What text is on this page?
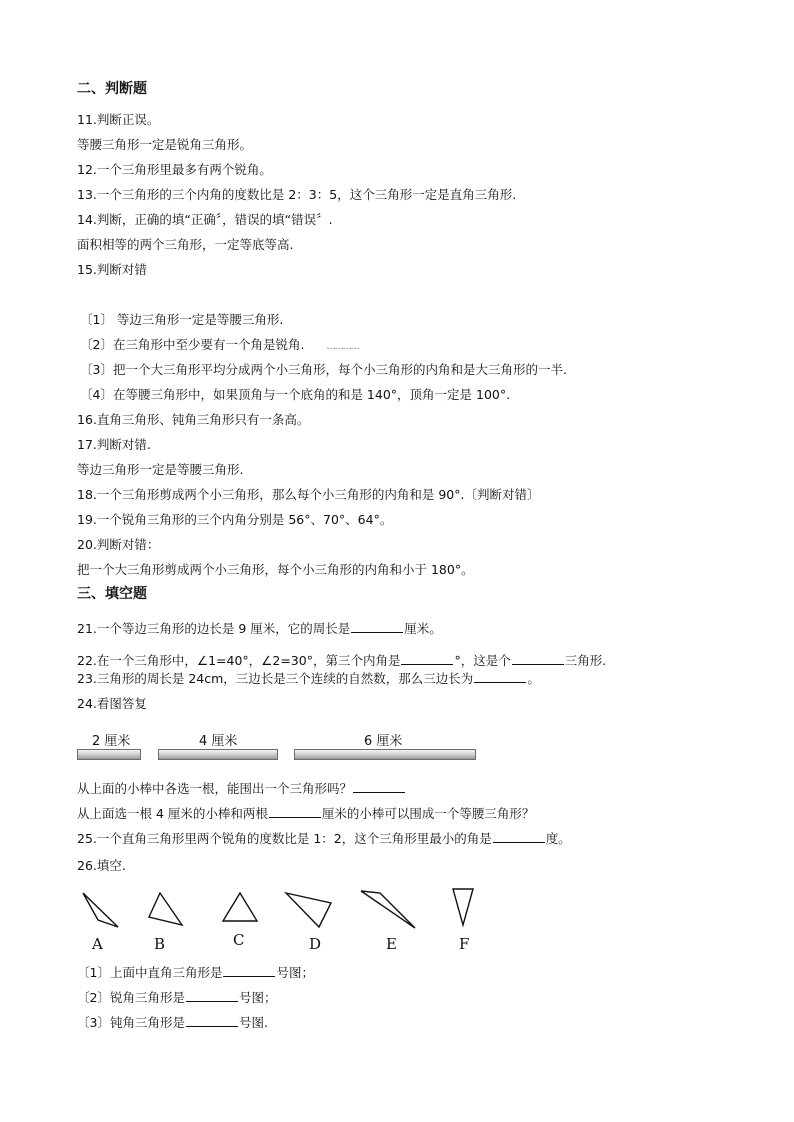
二、判断题
11.判断正误。
等腰三角形一定是锐角三角形。
12.一个三角形里最多有两个锐角。
13.一个三角形的三个内角的度数比是 2：3：5，这个三角形一定是直角三角形.
14.判断，正确的填“正确〞，错误的填“错误〞.
面积相等的两个三角形，一定等底等高.
15.判断对错
〔1〕 等边三角形一定是等腰三角形.
〔2〕在三角形中至少要有一个角是锐角. …………
〔3〕把一个大三角形平均分成两个小三角形，每个小三角形的内角和是大三角形的一半.
〔4〕在等腰三角形中，如果顶角与一个底角的和是 140°，顶角一定是 100°.
16.直角三角形、钝角三角形只有一条高。
17.判断对错.
等边三角形一定是等腰三角形.
18.一个三角形剪成两个小三角形，那么每个小三角形的内角和是 90°.〔判断对错〕
19.一个锐角三角形的三个内角分别是 56°、70°、64°。
20.判断对错：
把一个大三角形剪成两个小三角形，每个小三角形的内角和小于 180°。
三、填空题
21.一个等边三角形的边长是 9 厘米，它的周长是	厘米。
22.在一个三角形中，∠1=40°，∠2=30°，第三个内角是	°，这是个	三角形.
23.三角形的周长是 24cm，三边长是三个连续的自然数，那么三边长为	。
24.看图答复
2 厘米	4 厘米	6 厘米
从上面的小棒中各选一根，能围出一个三角形吗？
从上面选一根 4 厘米的小棒和两根	厘米的小棒可以围成一个等腰三角形？
25.一个直角三角形里两个锐角的度数比是 1：2，这个三角形里最小的角是	度。
26.填空.
A	B	C	D	E	F
〔1〕上面中直角三角形是	号图；
〔2〕锐角三角形是	号图；
〔3〕钝角三角形是	号图.
